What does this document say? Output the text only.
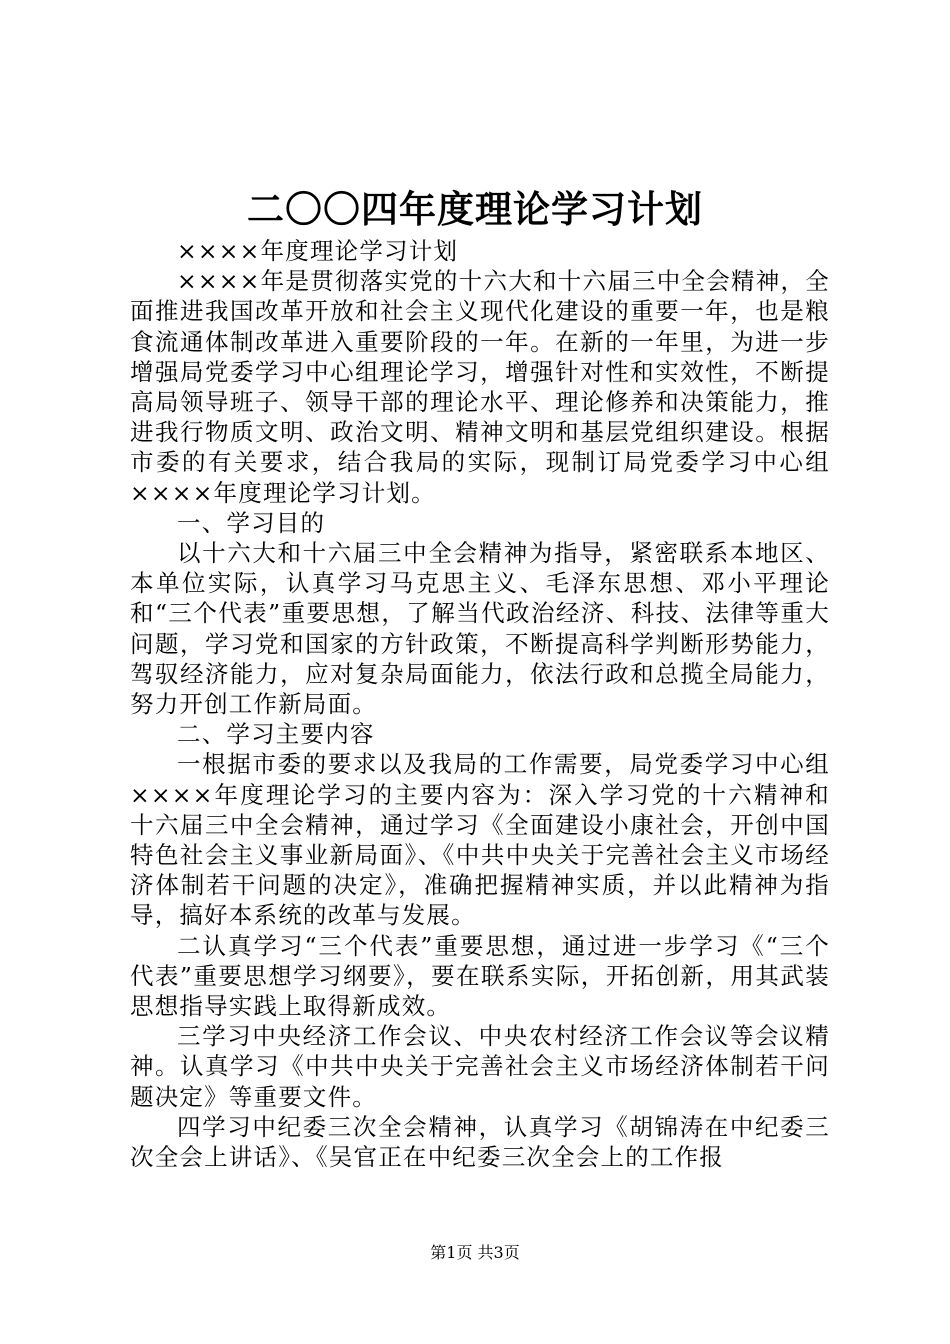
二〇〇四年度理论学习计划

××××年度理论学习计划

××××年是贯彻落实党的十六大和十六届三中全会精神，全面推进我国改革开放和社会主义现代化建设的重要一年，也是粮食流通体制改革进入重要阶段的一年。在新的一年里，为进一步增强局党委学习中心组理论学习，增强针对性和实效性，不断提高局领导班子、领导干部的理论水平、理论修养和决策能力，推进我行物质文明、政治文明、精神文明和基层党组织建设。根据市委的有关要求，结合我局的实际，现制订局党委学习中心组××××年度理论学习计划。

一、学习目的

以十六大和十六届三中全会精神为指导，紧密联系本地区、本单位实际，认真学习马克思主义、毛泽东思想、邓小平理论和“三个代表”重要思想，了解当代政治经济、科技、法律等重大问题，学习党和国家的方针政策，不断提高科学判断形势能力，驾驭经济能力，应对复杂局面能力，依法行政和总揽全局能力，努力开创工作新局面。

二、学习主要内容

一根据市委的要求以及我局的工作需要，局党委学习中心组××××年度理论学习的主要内容为：深入学习党的十六精神和十六届三中全会精神，通过学习《全面建设小康社会，开创中国特色社会主义事业新局面》、《中共中央关于完善社会主义市场经济体制若干问题的决定》，准确把握精神实质，并以此精神为指导，搞好本系统的改革与发展。

二认真学习“三个代表”重要思想，通过进一步学习《“三个代表”重要思想学习纲要》，要在联系实际，开拓创新，用其武装思想指导实践上取得新成效。

三学习中央经济工作会议、中央农村经济工作会议等会议精神。认真学习《中共中央关于完善社会主义市场经济体制若干问题决定》等重要文件。

四学习中纪委三次全会精神，认真学习《胡锦涛在中纪委三次全会上讲话》、《吴官正在中纪委三次全会上的工作报

第1页 共3页
